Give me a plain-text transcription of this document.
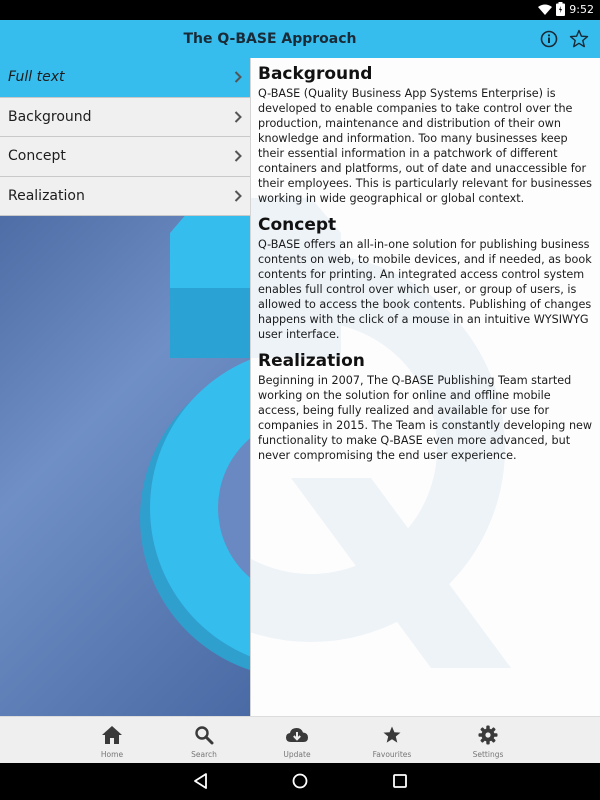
9:52
The Q-BASE Approach
Full text
Background
Concept
Realization
Background

Q-BASE (Quality Business App Systems Enterprise) is developed to enable companies to take control over the production, maintenance and distribution of their own knowledge and information. Too many businesses keep their essential information in a patchwork of different containers and platforms, out of date and unaccessible for their employees. This is particularly relevant for businesses working in wide geographical or global context.

Concept

Q-BASE offers an all-in-one solution for publishing business contents on web, to mobile devices, and if needed, as book contents for printing. An integrated access control system enables full control over which user, or group of users, is allowed to access the book contents. Publishing of changes happens with the click of a mouse in an intuitive WYSIWYG user interface.

Realization

Beginning in 2007, The Q-BASE Publishing Team started working on the solution for online and offline mobile access, being fully realized and available for use for companies in 2015. The Team is constantly developing new functionality to make Q-BASE even more advanced, but never compromising the end user experience.

Home	Search	Update	Favourites	Settings
